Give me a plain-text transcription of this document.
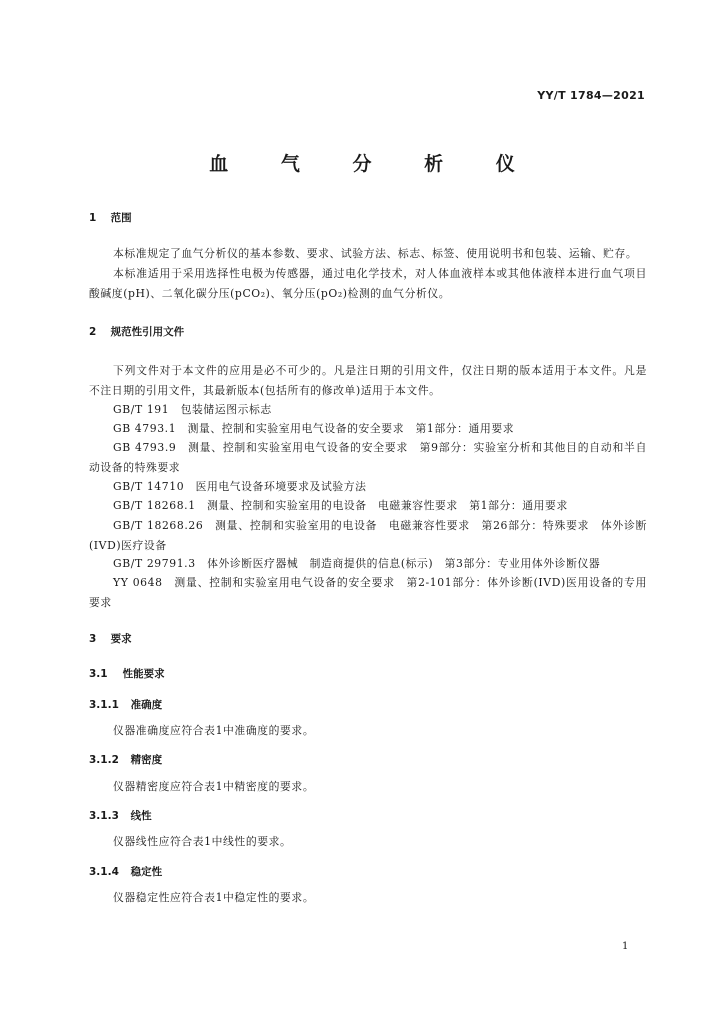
YY/T 1784—2021
血 气 分 析 仪
1 范围
本标准规定了血气分析仪的基本参数、要求、试验方法、标志、标签、使用说明书和包装、运输、贮存。
本标准适用于采用选择性电极为传感器，通过电化学技术，对人体血液样本或其他体液样本进行血气项目酸碱度(pH)、二氧化碳分压(pCO₂)、氧分压(pO₂)检测的血气分析仪。
2 规范性引用文件
下列文件对于本文件的应用是必不可少的。凡是注日期的引用文件，仅注日期的版本适用于本文件。凡是不注日期的引用文件，其最新版本(包括所有的修改单)适用于本文件。
GB/T 191　包装储运图示标志
GB 4793.1　测量、控制和实验室用电气设备的安全要求　第1部分：通用要求
GB 4793.9　测量、控制和实验室用电气设备的安全要求　第9部分：实验室分析和其他目的自动和半自动设备的特殊要求
GB/T 14710　医用电气设备环境要求及试验方法
GB/T 18268.1　测量、控制和实验室用的电设备　电磁兼容性要求　第1部分：通用要求
GB/T 18268.26　测量、控制和实验室用的电设备　电磁兼容性要求　第26部分：特殊要求　体外诊断(IVD)医疗设备
GB/T 29791.3　体外诊断医疗器械　制造商提供的信息(标示)　第3部分：专业用体外诊断仪器
YY 0648　测量、控制和实验室用电气设备的安全要求　第2-101部分：体外诊断(IVD)医用设备的专用要求
3 要求
3.1 性能要求
3.1.1 准确度
仪器准确度应符合表1中准确度的要求。
3.1.2 精密度
仪器精密度应符合表1中精密度的要求。
3.1.3 线性
仪器线性应符合表1中线性的要求。
3.1.4 稳定性
仪器稳定性应符合表1中稳定性的要求。
1
